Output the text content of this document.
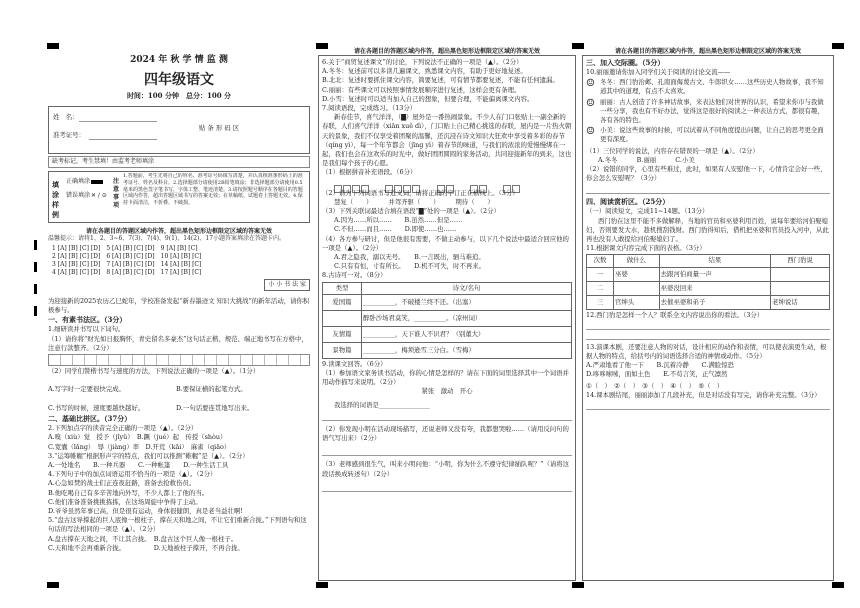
2024 年 秋 学 情 监 测
四年级语文
时间：100 分钟　总分：100 分
姓　名：
准考证号：
贴 条 形 码 区
缺考标记，考生禁填！由监考老师填涂
填涂样例
正确填涂
错误填涂 ✕ ∕ ⊙
注意事项
1.答题前，考生先将自己的姓名、准考证号码填写清楚，并认真核准条形码上的准考证号、姓名及科目。2.选择题部分请使用2B铅笔填涂；非选择题部分请使用0.5毫米的黑色签字笔书写，字体工整、笔迹清楚。3.请按照题号顺序在各题目的答题区域内作答，超出答题区域书写的答案无效；在草稿纸、试题卷上答题无效。4.保持卡面清洁，不折叠、不破损。
请在各题目的答题区域内作答，超出黑色矩形边框限定区域的答案无效
温馨提示：请将1、2、3~6、7(3)、7(4)、9(1)、14(2)、17小题答案填涂在答题卡内。
1 [A] [B] [C] [D]　5 [A] [B] [C] [D]　9 [A] [B] [C]
2 [A] [B] [C] [D]　6 [A] [B] [C] [D]　10 [A] [B] [C]
3 [A] [B] [C] [D]　7 [A] [B] [C] [D]　14 [A] [B] [C]
4 [A] [B] [C] [D]　8 [A] [B] [C] [D]　17 [A] [B] [C]
小 小 书 法 家
为迎接新的2025农历乙巳蛇年，学校准备发起“新春墨迹文 知识大挑战”的新年活动，请你积极参与。
一、有素书法区。（3分）
1.细研读并书写以下词句。
（1）请你将“财光如日报胸怀，青史留名多豪杰”这句话正楷、规范、端正地书写在方格中，注意行款整齐。（2分）
（2）同学们赞楷书写与速度的方法，下列说法正确的一项是（▲）。（1分）
A.写字时一定要很快完成。	B.要保证横的起笔方式。 C.书写的时候，速度要越快越好。	D.一句话要连贯地写出来。
二、基础比拼区。（37分）
2.下列加点字的读音完全正确的一项是（▲）。（2分）
A.嗅（xiù）觉　授予（jǐyǔ）　B.蹶（jué）起　传授（shòu）
C.宽囊（lǎng）　辱（jiàng）率　D.开荒（kāi）　麻雀（qiāo）
3.“运筹帷幄”根据形声字的特点，我们可以推测“帷幄”是（▲）。（2分）
A.一处地名　　B.一种兵器　　C.一种帐篷　　D.一种生活工具
4.下列句子中的加点词语运用不恰当的一项是（▲）。（2分）
A.心急如焚的战士们正连夜赶路，准备去抢救伤员。
B.他吃喝自己有多辛苦地向外写，不少人都上了他的当。
C.他们准备准备挑挑拣拣，在这场周旋中争得了主动。
D.爷爷虽然年事已高，但是很有运动，身体很健朗，真是老当益壮啊!
5.“盘古这导撑起的巨人底像一根柱子，撑在天和地之间，不让它们重新合拢。”下列语句和这句话的写法相同的一项是（▲）。（2分）
A.盘古撑在天地之间，不让其合拢。　B.盘古这个巨人像一根柱子。
C.天和地不会再重新合拢。　　　　　D.天地被柱子撑开，不再合拢。
请在各题目的答题区域内作答，超出黑色矩形边框限定区域的答案无效
6.关于“商贸复述课文”的讨论，下列说法不正确的一项是（▲）。（2分）
A.冬冬：复述前可以多读几遍课文，熟悉课文内容，有助于更好地复述。
B.北北：复述时要抓住课文内容，简要复述，可有情节都要复述，不能有任何遗漏。
C.丽丽：有些课文可以按照事情发展顺序进行复述，这样会更有条理。
D.小雪：复述时可以适当加入自己的想象，但要合理，不能偏离课文内容。
7.阅读语段，完成练习。（13分）
新春佳节，喜气洋洋，（▇）屋外是一番热闹景象。不少人在门口张贴上一副全新的春联，人们喜气洋洋（xiān xuě dì），门口贴上自己精心挑选的春联，屋内是一片热火朝天的景象，我们不仅享受着团聚的温馨，还沉浸在诗文知识大狂欢中享受着多彩的春节（qíng yì），每一个年节都会（jīng yì）着春节的味道，与我们的浓浓的爱慢慢绑在一起，我们也会在这欢乐的时光中，做好团团圆圆的家务活动，共同迎接新年的到来，这也是我们每个孩子的心愿。
（1）根据拼音补充语段。（6分）

（2）请为下列词语书写近义词，请将正确的字订正在横线上。（3分）
慧复（　　）　　　并驾齐驱（　　）　　　期待（　　）
（3）下列关联词最适合填在语段“▇”处的一项是（▲）。（2分）
A.因为……所以……　　B.虽然……但是……
C.不但……而且……　　D.即使……也……
（4）各方参与研讨，但是他很有需要，不做主动参与，以下几个说法中最适合回应他的一项是（▲）。（2分）
A.君之隐我，溺以无号。　　B.一言既出，驷马难追。
C.只有有恒，寸有所长。　　D.机不可失，时不再来。
8.古诗可一对。（8分）
类型	诗文/名句
爱国篇	__________，不破楼兰终不还。（出塞）
	醉卧沙场君莫笑，__________。（凉州词）
友情篇	__________，天下谁人不识君？（别董大）
景物篇	__________，梅须逊雪三分白。（雪梅）
9.读课文回答。（6分）
（1）参加语文家务读书活动，你的心情是怎样的？请在下面的词里选择其中一个词语并用动作描写来说明。（2分）
紧张　激动　开心
我选择的词语是________________
（2）你发现小明在活动现场描写，还说老师又没有夸，我都想哭啦……（请用反问句的语气写出来）（2分）
（3）老师感到很生气，叫来小明问他：“小明，你为什么不遵守纪律插队呢？”（请将这段话换成转述句）（2分）
请在各题目的答题区域内作答，超出黑色矩形边框限定区域的答案无效
三、加入交际圈。（5分）
10.丽丽邀请你加入同学们关于阅读的讨论交流——
☺ 冬冬：西门豹治邺、孔南面侮蔑古文、牛郎织女……这些历史人物故事，我不知道其中的道理，有点不太喜欢。
☺ 丽丽：古人创造了许多神话故事，来表达他们对世界的认识，希望来你市与我做一些分享，我也有不好办法，觉得这是很好的阅读之一种表达方式，都很有趣，各有各的特色。
☺ 小美：说这些故事的时候，可以试着从不同角度提出问题，让自己的思考更全面更有深度。
（1）三位同学的说法，内容存在错误的一项是（▲）。（2分）
A.冬冬　　　B.丽丽　　　C.小美
（2）说错的同学，心里有些难过，此时，如果有人安慰他一下，心情肯定会好一些，你会怎么安慰呢？（3分）
四、阅读赏析区。（25分）
（一）阅读短文，完成11~14题。（13分）
西门豹在这里不能不多做解释，当地的官员和巫婆利用百姓，说每年要给河伯娶媳妇，否则要发大水，趁机搜刮钱财。西门豹得知后，借机把巫婆和官员投入河中，从此再也没有人敢提给河伯娶媳妇了。
11.根据课文内容完成下面的表格。（3分）
次数	做什么	结果	西门豹说
一	巫婆	去跟河伯商量一声	
二		巫婆没回来	
三	官绅头	去催巫婆和弟子	老绅说话
12.西门豹是怎样一个人？联系全文内容说出你的看法。（3分）
13.演课本剧，还要注意人物的对话，设计相应的动作和表情，可以使表演更生动，根据人物的特点，给括号内的词语选择合适的神情或动作。（5分）
A.严肃地看了他一下　　B.沉着冷静　　C.满脸惊恐
D.哆哆嗦嗦，面如土色　　E.不苟言笑，正气凛然
①（　）　②（　）　③（　）　④（　）　⑤（　）
14.课本剧结尾，丽丽添加了几段补充，但是对话没有写完，请你补充完整。（3分）
